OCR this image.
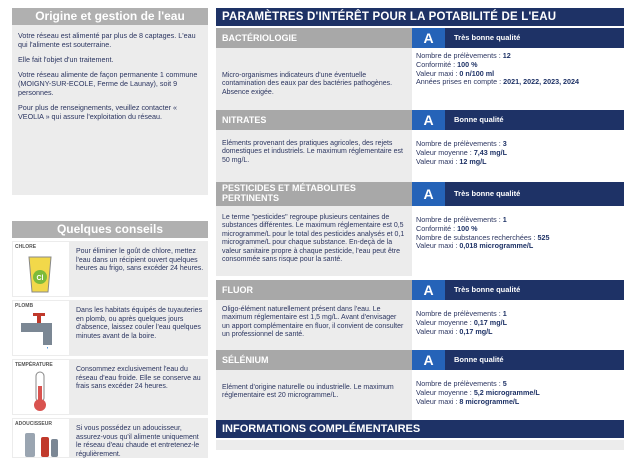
Origine et gestion de l'eau

Votre réseau est alimenté par plus de 8 captages. L'eau qui l'alimente est souterraine.

Elle fait l'objet d'un traitement.

Votre réseau alimente de façon permanente 1 commune (MOIGNY-SUR-ECOLE, Ferme de Launay), soit 9 personnes.

Pour plus de renseignements, veuillez contacter « VEOLIA » qui assure l'exploitation du réseau.

Quelques conseils
CHLORE
Cl
Pour éliminer le goût de chlore, mettez l'eau dans un récipient ouvert quelques heures au frigo, sans excéder 24 heures.
PLOMB
Dans les habitats équipés de tuyauteries en plomb, ou après quelques jours d'absence, laissez couler l'eau quelques minutes avant de la boire.
TEMPÉRATURE
Consommez exclusivement l'eau du réseau d'eau froide. Elle se conserve au frais sans excéder 24 heures.
ADOUCISSEUR
Si vous possédez un adoucisseur, assurez-vous qu'il alimente uniquement le réseau d'eau chaude et entretenez-le régulièrement.
PARAMÈTRES D'INTÉRÊT POUR LA POTABILITÉ DE L'EAU
BACTÉRIOLOGIE	A	Très bonne qualité
Micro-organismes indicateurs d'une éventuelle contamination des eaux par des bactéries pathogènes. Absence exigée.
Nombre de prélèvements : 12
Conformité : 100 %
Valeur maxi : 0 n/100 ml
Années prises en compte : 2021, 2022, 2023, 2024
NITRATES	A	Bonne qualité
Eléments provenant des pratiques agricoles, des rejets domestiques et industriels. Le maximum réglementaire est 50 mg/L.
Nombre de prélèvements : 3
Valeur moyenne : 7,43 mg/L
Valeur maxi : 12 mg/L
PESTICIDES ET MÉTABOLITES PERTINENTS	A	Très bonne qualité
Le terme "pesticides" regroupe plusieurs centaines de substances différentes. Le maximum réglementaire est 0,5 microgramme/L pour le total des pesticides analysés et 0,1 microgramme/L pour chaque substance. En-deçà de la valeur sanitaire propre à chaque pesticide, l'eau peut être consommée sans risque pour la santé.
Nombre de prélèvements : 1
Conformité : 100 %
Nombre de substances recherchées : 525
Valeur maxi : 0,018 microgramme/L
FLUOR	A	Très bonne qualité
Oligo-élément naturellement présent dans l'eau. Le maximum réglementaire est 1,5 mg/L. Avant d'envisager un apport complémentaire en fluor, il convient de consulter un professionnel de santé.
Nombre de prélèvements : 1
Valeur moyenne : 0,17 mg/L
Valeur maxi : 0,17 mg/L
SÉLÉNIUM	A	Bonne qualité
Elément d'origine naturelle ou industrielle. Le maximum réglementaire est 20 microgramme/L.
Nombre de prélèvements : 5
Valeur moyenne : 5,2 microgramme/L
Valeur maxi : 8 microgramme/L
INFORMATIONS COMPLÉMENTAIRES
